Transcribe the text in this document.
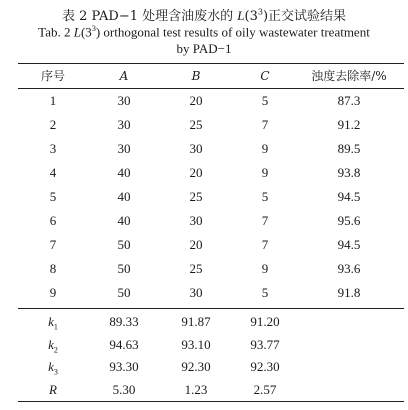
表 2 PAD−1 处理含油废水的 $L(3^3)$正交试验结果
Tab. 2 $L(3^3)$ orthogonal test results of oily wastewater treatment
by PAD−1
序号	A	B	C	浊度去除率/%
1	30	20	5	87.3
2	30	25	7	91.2
3	30	30	9	89.5
4	40	20	9	93.8
5	40	25	5	94.5
6	40	30	7	95.6
7	50	20	7	94.5
8	50	25	9	93.6
9	50	30	5	91.8
$k_1$	89.33	91.87	91.20
$k_2$	94.63	93.10	93.77
$k_3$	93.30	92.30	92.30
R	5.30	1.23	2.57
